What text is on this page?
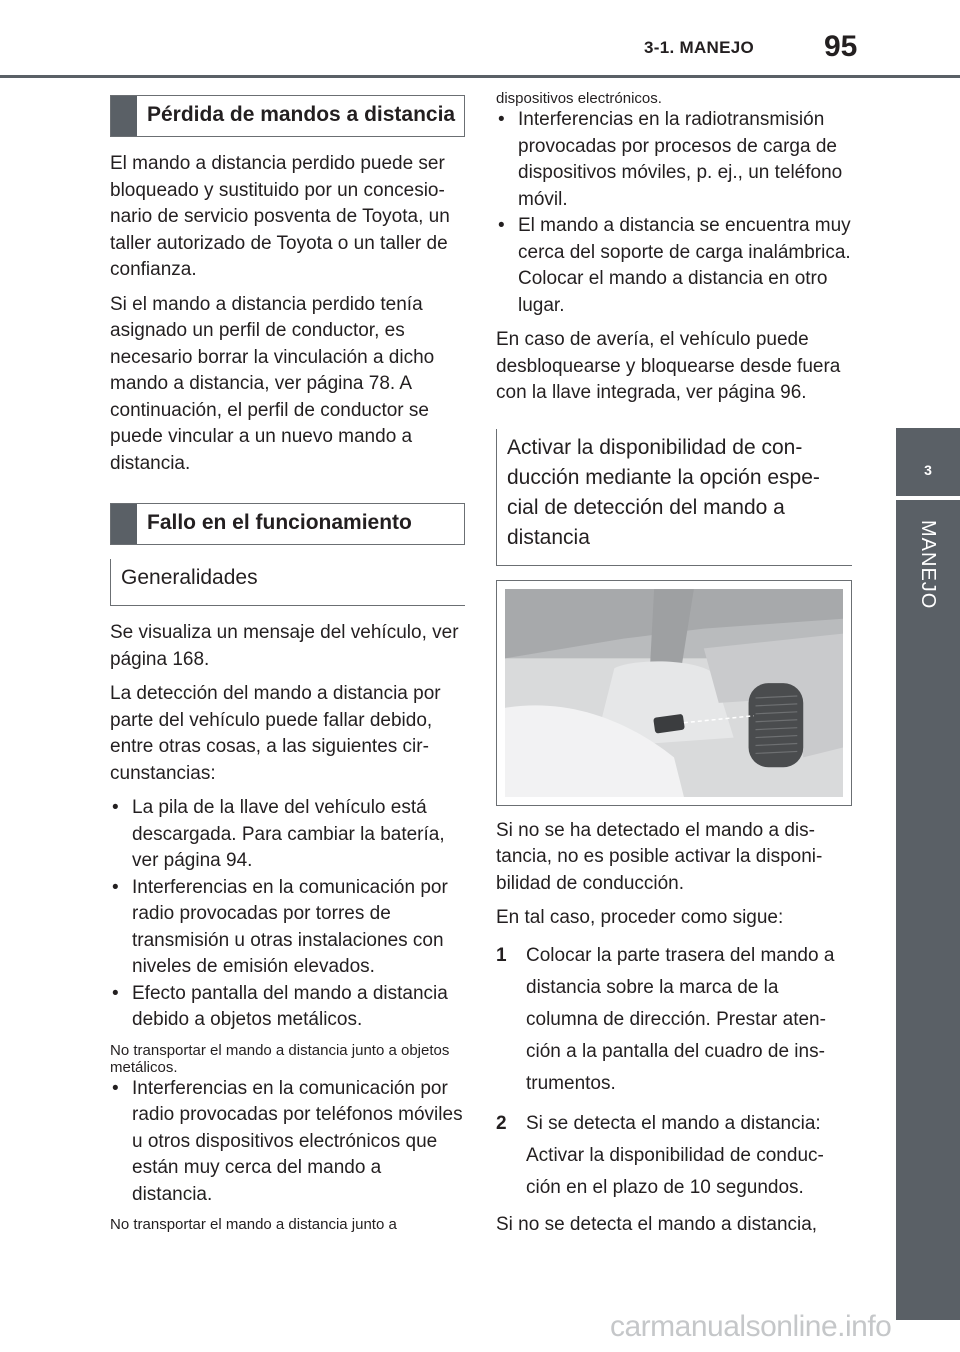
3-1. MANEJO 95
3
MANEJO
Pérdida de mandos a distancia

El mando a distancia perdido puede ser bloqueado y sustituido por un concesionario de servicio posventa de Toyota, un taller autorizado de Toyota o un taller de confianza.

Si el mando a distancia perdido tenía asignado un perfil de conductor, es necesario borrar la vinculación a dicho mando a distancia, ver página 78. A continuación, el perfil de conductor se puede vincular a un nuevo mando a distancia.

Fallo en el funcionamiento
Generalidades

Se visualiza un mensaje del vehículo, ver página 168.

La detección del mando a distancia por parte del vehículo puede fallar debido, entre otras cosas, a las siguientes circunstancias:

• La pila de la llave del vehículo está descargada. Para cambiar la batería, ver página 94.
• Interferencias en la comunicación por radio provocadas por torres de transmisión u otras instalaciones con niveles de emisión elevados.
• Efecto pantalla del mando a distancia debido a objetos metálicos.

No transportar el mando a distancia junto a objetos metálicos.

• Interferencias en la comunicación por radio provocadas por teléfonos móviles u otros dispositivos electrónicos que están muy cerca del mando a distancia.

No transportar el mando a distancia junto a

dispositivos electrónicos.

• Interferencias en la radiotransmisión provocadas por procesos de carga de dispositivos móviles, p. ej., un teléfono móvil.
• El mando a distancia se encuentra muy cerca del soporte de carga inalámbrica. Colocar el mando a distancia en otro lugar.

En caso de avería, el vehículo puede desbloquearse y bloquearse desde fuera con la llave integrada, ver página 96.

Activar la disponibilidad de conducción mediante la opción especial de detección del mando a distancia

Si no se ha detectado el mando a distancia, no es posible activar la disponibilidad de conducción.

En tal caso, proceder como sigue:

1 Colocar la parte trasera del mando a distancia sobre la marca de la columna de dirección. Prestar atención a la pantalla del cuadro de instrumentos.
2 Si se detecta el mando a distancia: Activar la disponibilidad de conducción en el plazo de 10 segundos.

Si no se detecta el mando a distancia,

carmanualsonline.info
